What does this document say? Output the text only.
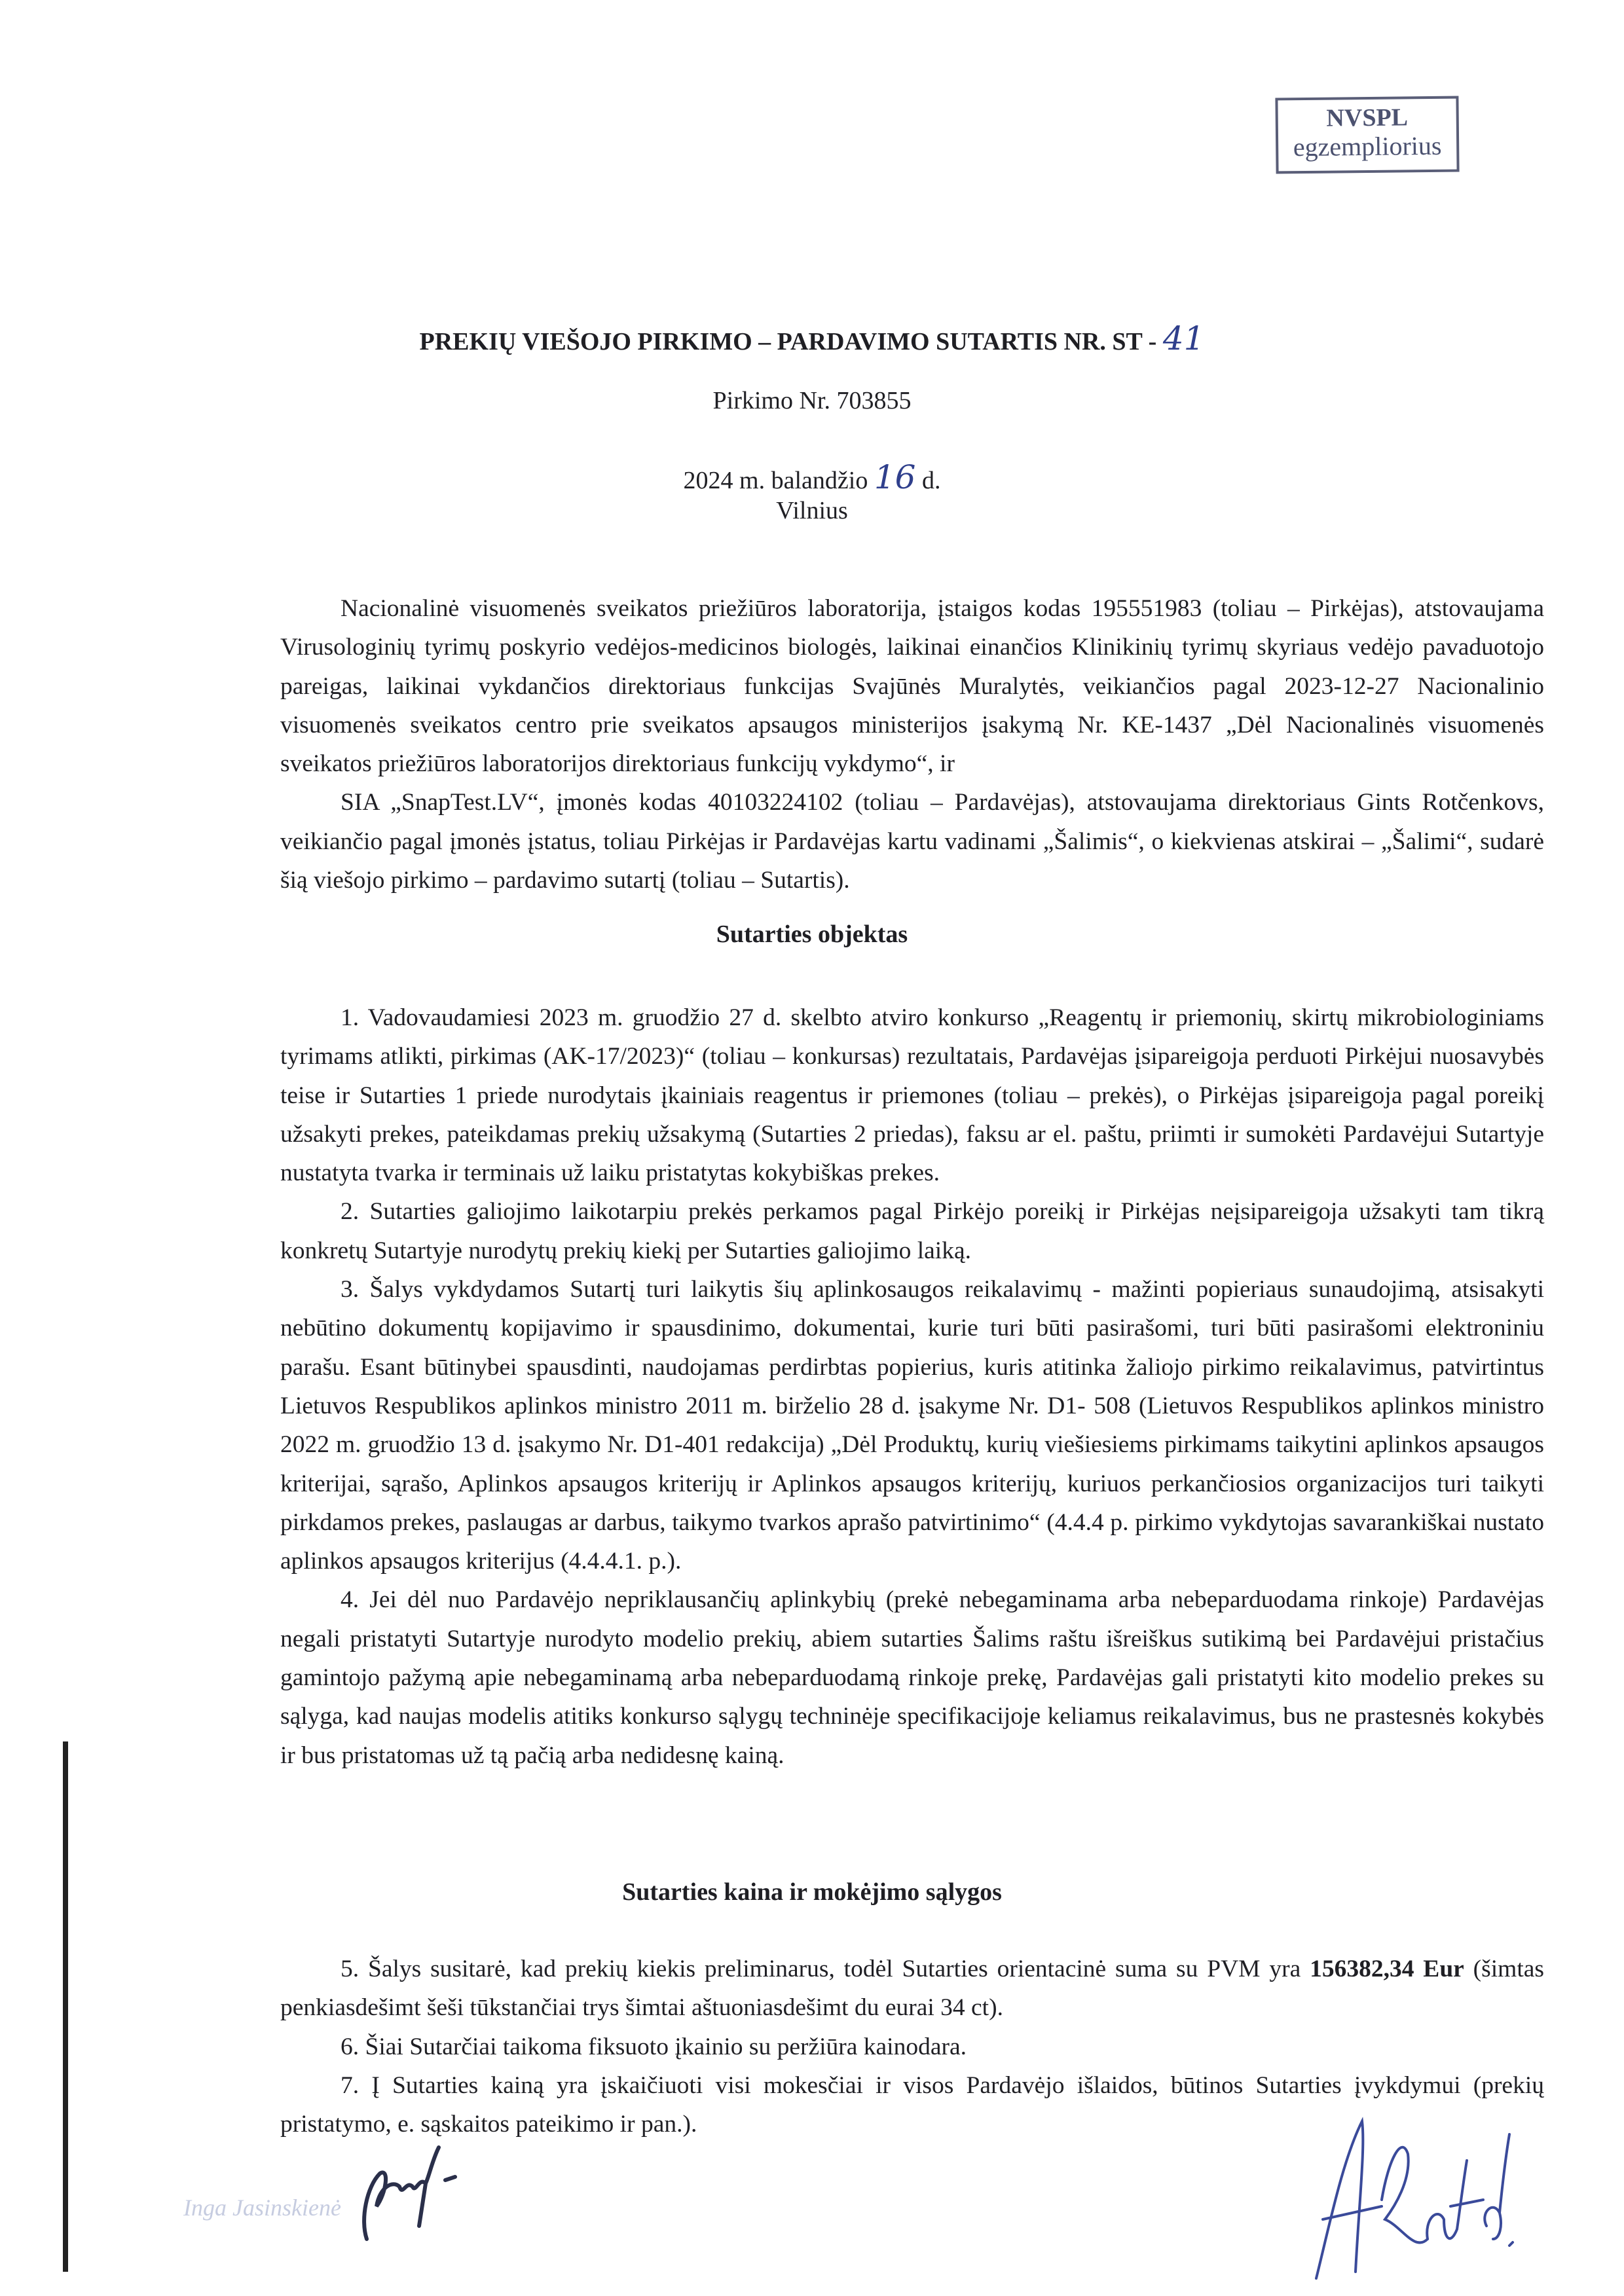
NVSPL
egzempliorius
PREKIŲ VIEŠOJO PIRKIMO – PARDAVIMO SUTARTIS NR. ST - 41
Pirkimo Nr. 703855
2024 m. balandžio 16 d.
Vilnius

Nacionalinė visuomenės sveikatos priežiūros laboratorija, įstaigos kodas 195551983 (toliau – Pirkėjas), atstovaujama Virusologinių tyrimų poskyrio vedėjos-medicinos biologės, laikinai einančios Klinikinių tyrimų skyriaus vedėjo pavaduotojo pareigas, laikinai vykdančios direktoriaus funkcijas Svajūnės Muralytės, veikiančios pagal 2023-12-27 Nacionalinio visuomenės sveikatos centro prie sveikatos apsaugos ministerijos įsakymą Nr. KE-1437 „Dėl Nacionalinės visuomenės sveikatos priežiūros laboratorijos direktoriaus funkcijų vykdymo“, ir

SIA „SnapTest.LV“, įmonės kodas 40103224102 (toliau – Pardavėjas), atstovaujama direktoriaus Gints Rotčenkovs, veikiančio pagal įmonės įstatus, toliau Pirkėjas ir Pardavėjas kartu vadinami „Šalimis“, o kiekvienas atskirai – „Šalimi“, sudarė šią viešojo pirkimo – pardavimo sutartį (toliau – Sutartis).

Sutarties objektas

1. Vadovaudamiesi 2023 m. gruodžio 27 d. skelbto atviro konkurso „Reagentų ir priemonių, skirtų mikrobiologiniams tyrimams atlikti, pirkimas (AK-17/2023)“ (toliau – konkursas) rezultatais, Pardavėjas įsipareigoja perduoti Pirkėjui nuosavybės teise ir Sutarties 1 priede nurodytais įkainiais reagentus ir priemones (toliau – prekės), o Pirkėjas įsipareigoja pagal poreikį užsakyti prekes, pateikdamas prekių užsakymą (Sutarties 2 priedas), faksu ar el. paštu, priimti ir sumokėti Pardavėjui Sutartyje nustatyta tvarka ir terminais už laiku pristatytas kokybiškas prekes.

2. Sutarties galiojimo laikotarpiu prekės perkamos pagal Pirkėjo poreikį ir Pirkėjas neįsipareigoja užsakyti tam tikrą konkretų Sutartyje nurodytų prekių kiekį per Sutarties galiojimo laiką.

3. Šalys vykdydamos Sutartį turi laikytis šių aplinkosaugos reikalavimų - mažinti popieriaus sunaudojimą, atsisakyti nebūtino dokumentų kopijavimo ir spausdinimo, dokumentai, kurie turi būti pasirašomi, turi būti pasirašomi elektroniniu parašu. Esant būtinybei spausdinti, naudojamas perdirbtas popierius, kuris atitinka žaliojo pirkimo reikalavimus, patvirtintus Lietuvos Respublikos aplinkos ministro 2011 m. birželio 28 d. įsakyme Nr. D1- 508 (Lietuvos Respublikos aplinkos ministro 2022 m. gruodžio 13 d. įsakymo Nr. D1-401 redakcija) „Dėl Produktų, kurių viešiesiems pirkimams taikytini aplinkos apsaugos kriterijai, sąrašo, Aplinkos apsaugos kriterijų ir Aplinkos apsaugos kriterijų, kuriuos perkančiosios organizacijos turi taikyti pirkdamos prekes, paslaugas ar darbus, taikymo tvarkos aprašo patvirtinimo“ (4.4.4 p. pirkimo vykdytojas savarankiškai nustato aplinkos apsaugos kriterijus (4.4.4.1. p.).

4. Jei dėl nuo Pardavėjo nepriklausančių aplinkybių (prekė nebegaminama arba nebeparduodama rinkoje) Pardavėjas negali pristatyti Sutartyje nurodyto modelio prekių, abiem sutarties Šalims raštu išreiškus sutikimą bei Pardavėjui pristačius gamintojo pažymą apie nebegaminamą arba nebeparduodamą rinkoje prekę, Pardavėjas gali pristatyti kito modelio prekes su sąlyga, kad naujas modelis atitiks konkurso sąlygų techninėje specifikacijoje keliamus reikalavimus, bus ne prastesnės kokybės ir bus pristatomas už tą pačią arba nedidesnę kainą.

Sutarties kaina ir mokėjimo sąlygos

5. Šalys susitarė, kad prekių kiekis preliminarus, todėl Sutarties orientacinė suma su PVM yra 156382,34 Eur (šimtas penkiasdešimt šeši tūkstančiai trys šimtai aštuoniasdešimt du eurai 34 ct).

6. Šiai Sutarčiai taikoma fiksuoto įkainio su peržiūra kainodara.

7. Į Sutarties kainą yra įskaičiuoti visi mokesčiai ir visos Pardavėjo išlaidos, būtinos Sutarties įvykdymui (prekių pristatymo, e. sąskaitos pateikimo ir pan.).

Inga Jasinskienė
